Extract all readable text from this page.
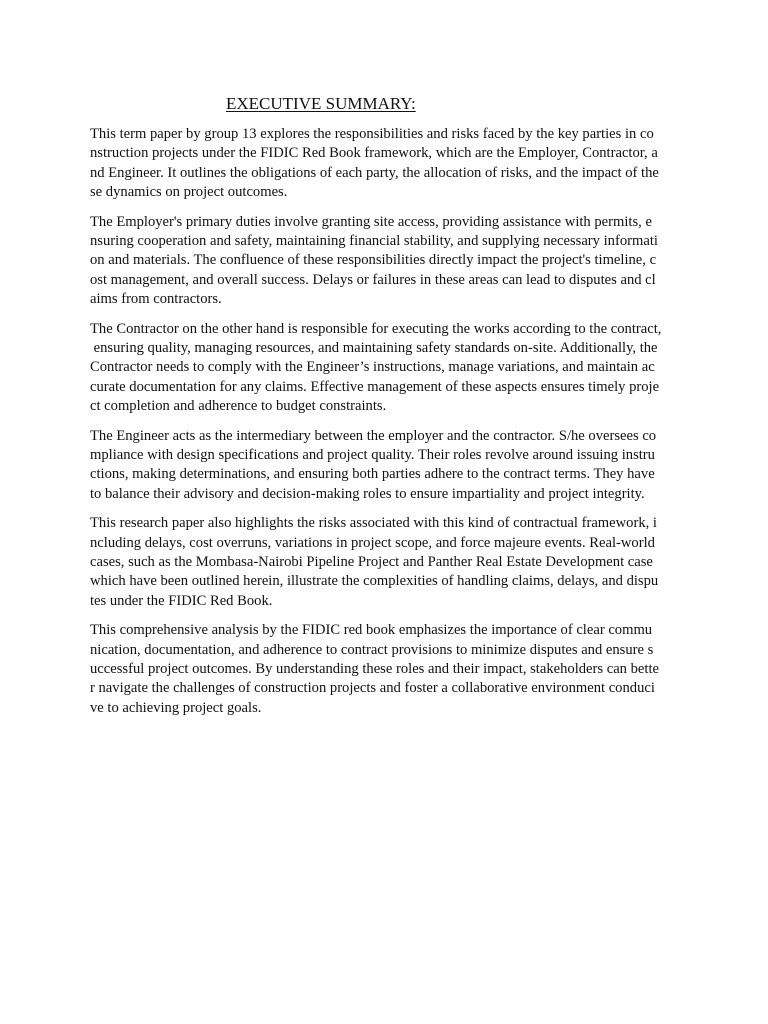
EXECUTIVE SUMMARY:

This term paper by group 13 explores the responsibilities and risks faced by the key parties in co
nstruction projects under the FIDIC Red Book framework, which are the Employer, Contractor, a
nd Engineer. It outlines the obligations of each party, the allocation of risks, and the impact of the
se dynamics on project outcomes.

The Employer's primary duties involve granting site access, providing assistance with permits, e
nsuring cooperation and safety, maintaining financial stability, and supplying necessary informati
on and materials. The confluence of these responsibilities directly impact the project's timeline, c
ost management, and overall success. Delays or failures in these areas can lead to disputes and cl
aims from contractors.

The Contractor on the other hand is responsible for executing the works according to the contract,
ensuring quality, managing resources, and maintaining safety standards on-site. Additionally, the
Contractor needs to comply with the Engineer’s instructions, manage variations, and maintain ac
curate documentation for any claims. Effective management of these aspects ensures timely proje
ct completion and adherence to budget constraints.

The Engineer acts as the intermediary between the employer and the contractor. S/he oversees co
mpliance with design specifications and project quality. Their roles revolve around issuing instru
ctions, making determinations, and ensuring both parties adhere to the contract terms. They have
to balance their advisory and decision-making roles to ensure impartiality and project integrity.

This research paper also highlights the risks associated with this kind of contractual framework, i
ncluding delays, cost overruns, variations in project scope, and force majeure events. Real-world
cases, such as the Mombasa-Nairobi Pipeline Project and Panther Real Estate Development case
which have been outlined herein, illustrate the complexities of handling claims, delays, and dispu
tes under the FIDIC Red Book.

This comprehensive analysis by the FIDIC red book emphasizes the importance of clear commu
nication, documentation, and adherence to contract provisions to minimize disputes and ensure s
uccessful project outcomes. By understanding these roles and their impact, stakeholders can bette
r navigate the challenges of construction projects and foster a collaborative environment conduci
ve to achieving project goals.
